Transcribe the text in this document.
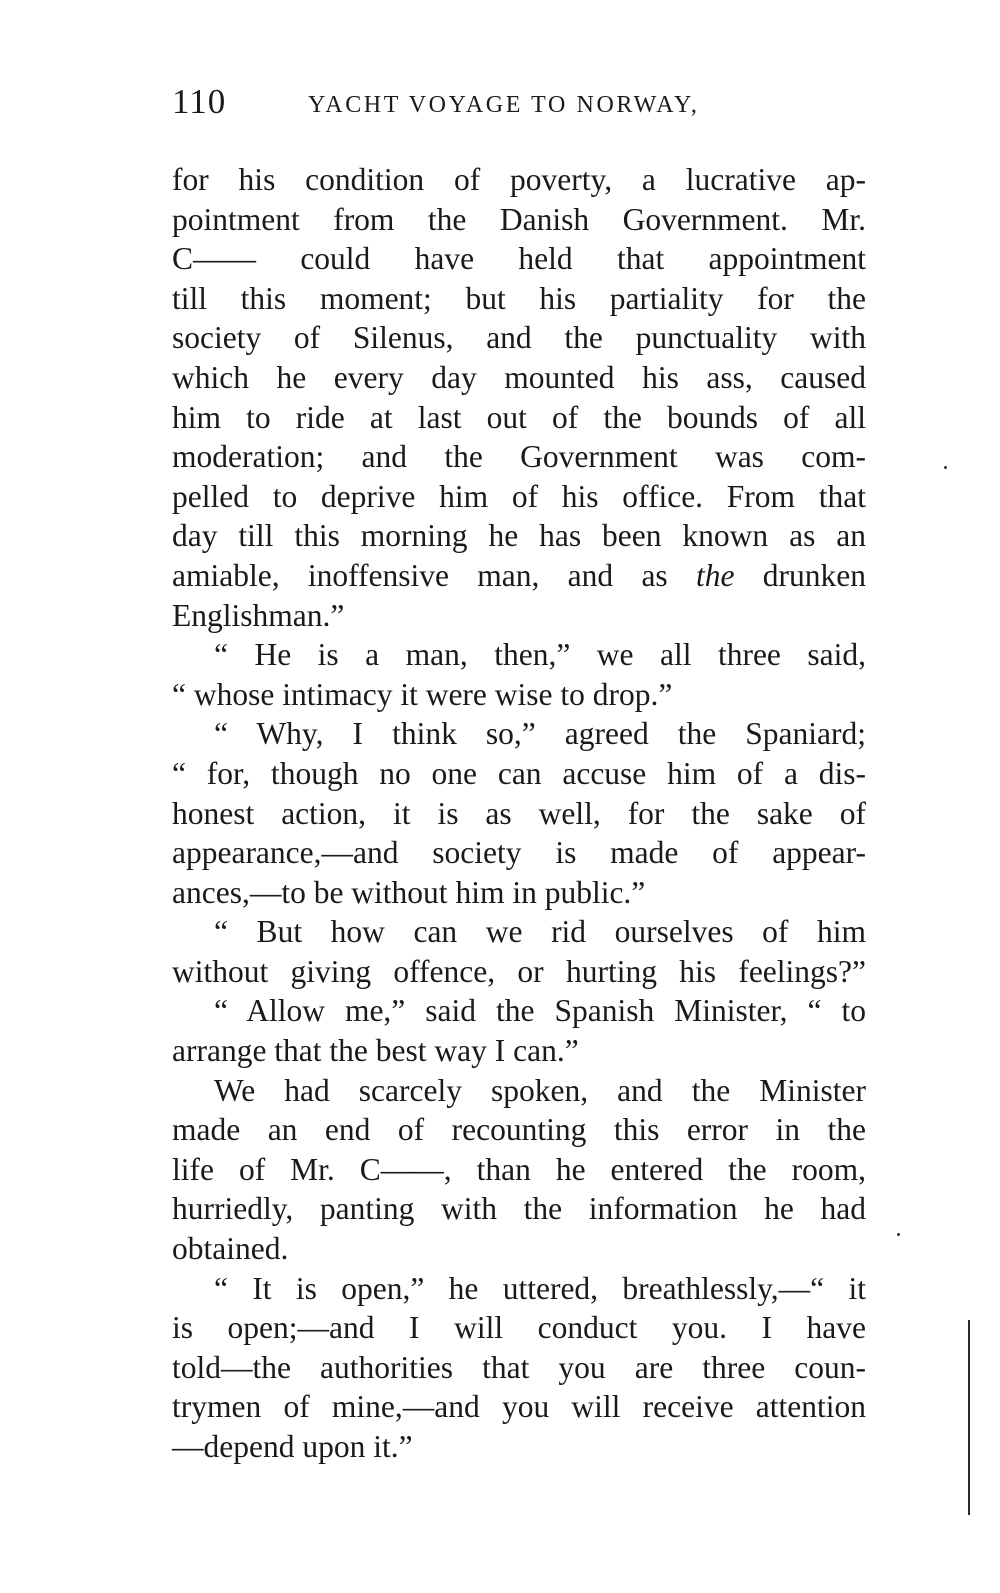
110	YACHT VOYAGE TO NORWAY,
for his condition of poverty, a lucrative ap-
pointment from the Danish Government. Mr.
C—— could have held that appointment
till this moment; but his partiality for the
society of Silenus, and the punctuality with
which he every day mounted his ass, caused
him to ride at last out of the bounds of all
moderation; and the Government was com-
pelled to deprive him of his office. From that
day till this morning he has been known as an
amiable, inoffensive man, and as the drunken
Englishman.”
“ He is a man, then,” we all three said,
“ whose intimacy it were wise to drop.”
“ Why, I think so,” agreed the Spaniard;
“ for, though no one can accuse him of a dis-
honest action, it is as well, for the sake of
appearance,—and society is made of appear-
ances,—to be without him in public.”
“ But how can we rid ourselves of him
without giving offence, or hurting his feelings?”
“ Allow me,” said the Spanish Minister, “ to
arrange that the best way I can.”
We had scarcely spoken, and the Minister
made an end of recounting this error in the
life of Mr. C——, than he entered the room,
hurriedly, panting with the information he had
obtained.
“ It is open,” he uttered, breathlessly,—“ it
is open;—and I will conduct you. I have
told—the authorities that you are three coun-
trymen of mine,—and you will receive attention
—depend upon it.”
